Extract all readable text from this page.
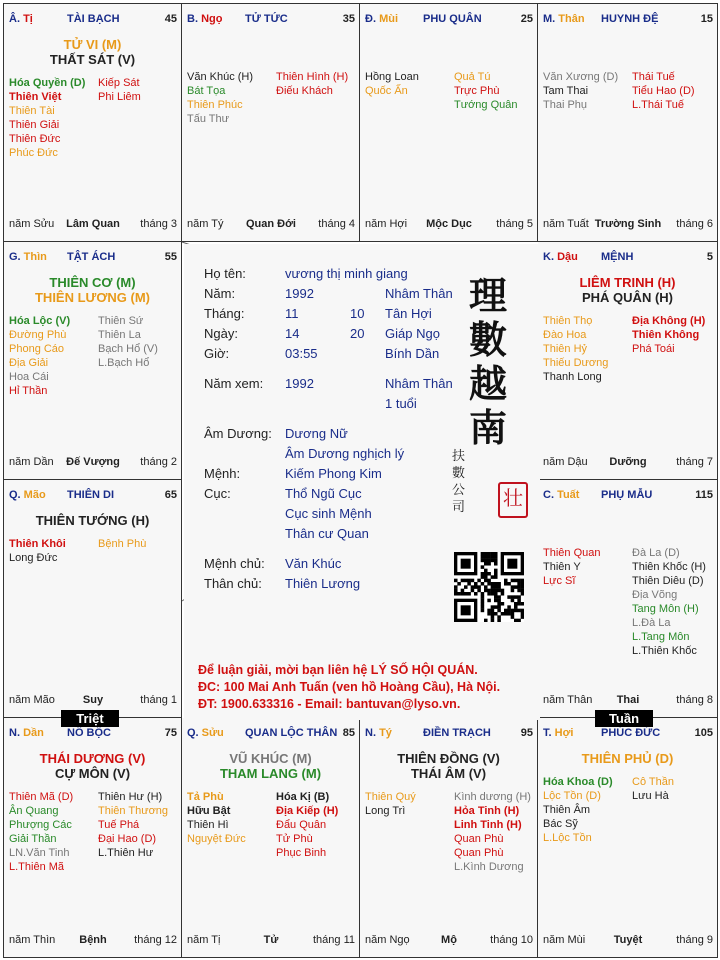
Â. Tị	TÀI BẠCH	45
TỬ VI (M)
THẤT SÁT (V)
Hóa Quyền (D)
Thiên Việt
Thiên Tài
Thiên Giải
Thiên Đức
Phúc Đức
Kiếp Sát
Phi Liêm
năm Sửu	Lâm Quan	tháng 3
B. Ngọ TỬ TỨC	35
Văn Khúc (H)
Bát Tọa
Thiên Phúc
Tấu Thư
Thiên Hình (H)
Điếu Khách
năm Tý	Quan Đới	tháng 4
Đ. Mùi PHU QUÂN	25
Hồng Loan
Quốc Ấn
Quả Tú
Trực Phù
Tướng Quân
năm Hợi	Mộc Dục	tháng 5
M. Thân HUYNH ĐỆ	15
Văn Xương (D)
Tam Thai
Thai Phụ
Thái Tuế
Tiểu Hao (D)
L.Thái Tuế
năm Tuất Trường Sinh	tháng 6
G. Thìn TẬT ÁCH	55
THIÊN CƠ (M)
THIÊN LƯƠNG (M)
Hóa Lộc (V)
Đường Phù
Phong Cáo
Địa Giải
Hoa Cái
Hỉ Thần
Thiên Sứ
Thiên La
Bạch Hổ (V)
L.Bạch Hổ
năm Dần	Đế Vượng	tháng 2
K. Dậu MỆNH	5
LIÊM TRINH (H)
PHÁ QUÂN (H)
Thiên Thọ
Đào Hoa
Thiên Hỷ
Thiếu Dương
Thanh Long
Địa Không (H)
Thiên Không
Phá Toái
năm Dậu	Dưỡng	tháng 7
Q. Mão THIÊN DI	65
THIÊN TƯỚNG (H)
Thiên Khôi
Long Đức
Bệnh Phù
năm Mão	Suy	tháng 1
C. Tuất PHỤ MẪU	115
Thiên Quan
Thiên Y
Lực Sĩ
Đà La (D)
Thiên Khốc (H)
Thiên Diêu (D)
Địa Võng
Tang Môn (H)
L.Đà La
L.Tang Môn
L.Thiên Khốc
năm Thân	Thai	tháng 8
N. Dần NÔ BỘC	75
THÁI DƯƠNG (V)
CỰ MÔN (V)
Thiên Mã (D)
Ân Quang
Phượng Các
Giải Thần
LN.Văn Tinh
L.Thiên Mã
Thiên Hư (H)
Thiên Thương
Tuế Phá
Đại Hao (D)
L.Thiên Hư
năm Thìn	Bệnh	tháng 12
Q. Sửu QUAN LỘC THÂN 85
VŨ KHÚC (M)
THAM LANG (M)
Tả Phù
Hữu Bật
Thiên Hì
Nguyệt Đức
Hóa Kị (B)
Địa Kiếp (H)
Đẩu Quân
Tử Phù
Phục Binh
năm Tị	Tử	tháng 11
N. Tý	ĐIỀN TRẠCH	95
THIÊN ĐỒNG (V)
THÁI ÂM (V)
Thiên Quý
Long Trì
Kình dương (H)
Hỏa Tinh (H)
Linh Tinh (H)
Quan Phù
Quan Phù
L.Kình Dương
năm Ngọ	Mộ	tháng 10
T. Hợi	PHÚC ĐỨC	105
THIÊN PHỦ (D)
Hóa Khoa (D)
Lộc Tồn (D)
Thiên Âm
Bác Sỹ
L.Lộc Tồn
Cô Thần
Lưu Hà
năm Mùi	Tuyệt	tháng 9
Họ tên:	vương thị minh giang
Năm:	1992	Nhâm Thân
Tháng:	11	10 Tân Hợi
Ngày:	14	20 Giáp Ngọ
Giờ:	03:55	Bính Dần
Năm xem: 1992	Nhâm Thân
1 tuổi
Âm Dương: Dương Nữ
Âm Dương nghịch lý
Mệnh:	Kiếm Phong Kim
Cục:	Thổ Ngũ Cục
Cục sinh Mệnh
Thân cư Quan
Mệnh chủ: Văn Khúc
Thân chủ: Thiên Lương
理
數
越
南
扶 數 公 司 壮
Để luận giải, mời bạn liên hệ LÝ SỐ HỘI QUÁN.
ĐC: 100 Mai Anh Tuấn (ven hồ Hoàng Cầu), Hà Nội.
ĐT: 1900.633316 - Email: bantuvan@lyso.vn.
Triệt	Tuần
